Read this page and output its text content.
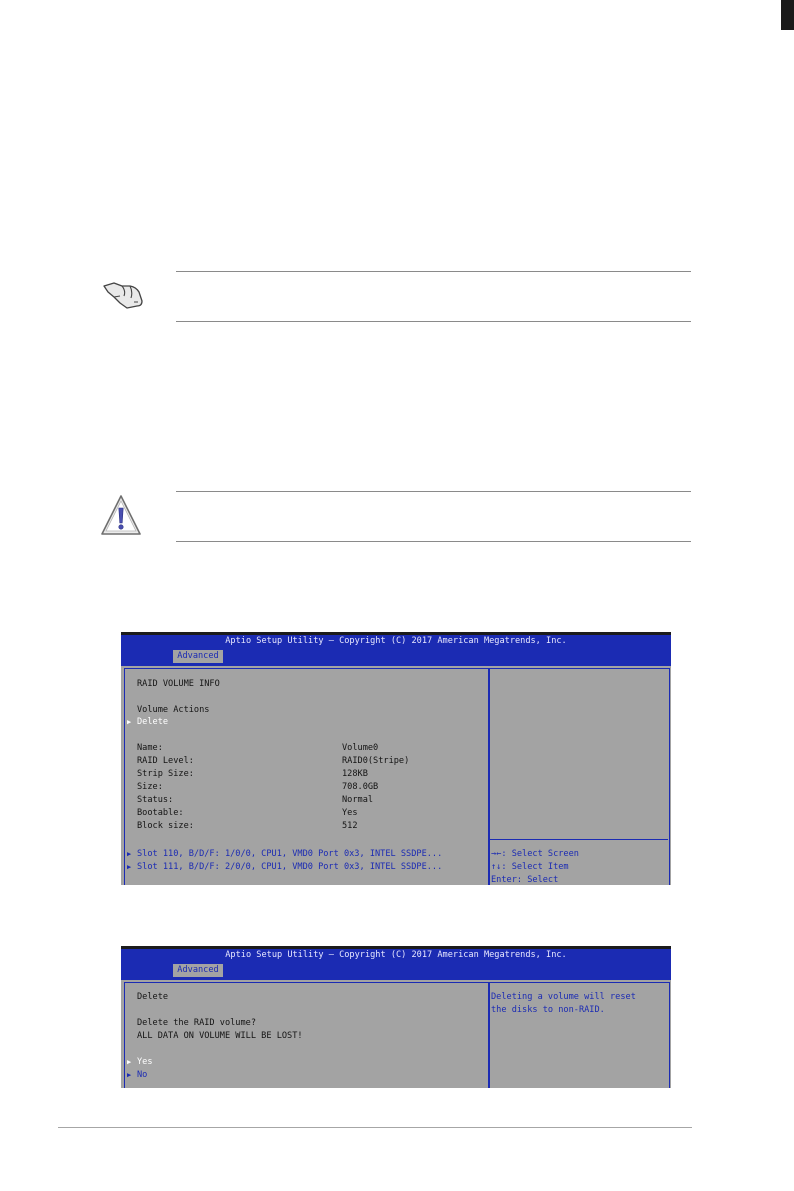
Aptio Setup Utility – Copyright (C) 2017 American Megatrends, Inc.
Advanced
RAID VOLUME INFO
Volume Actions
▶ Delete
Name:	Volume0
RAID Level:	RAID0(Stripe)
Strip Size:	128KB
Size:	708.0GB
Status:	Normal
Bootable:	Yes
Block size:	512
▶ Slot 110, B/D/F: 1/0/0, CPU1, VMD0 Port 0x3, INTEL SSDPE...
▶ Slot 111, B/D/F: 2/0/0, CPU1, VMD0 Port 0x3, INTEL SSDPE...
→←: Select Screen
↑↓: Select Item
Enter: Select
Aptio Setup Utility – Copyright (C) 2017 American Megatrends, Inc.
Advanced
Delete
Delete the RAID volume?
ALL DATA ON VOLUME WILL BE LOST!
▶ Yes
▶ No
Deleting a volume will reset
the disks to non-RAID.
